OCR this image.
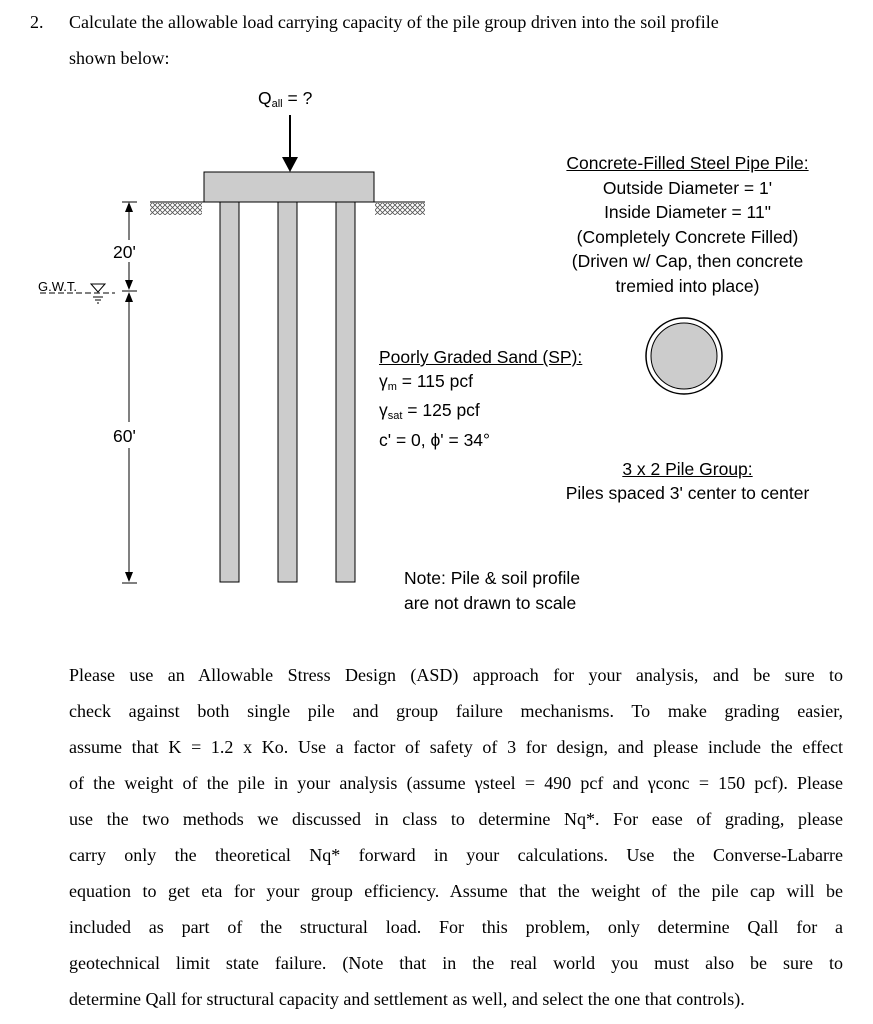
2. Calculate the allowable load carrying capacity of the pile group driven into the soil profile
shown below:
$Q_{all}$ = ?
20'
60'
G.W.T.
Concrete-Filled Steel Pipe Pile:
Outside Diameter = 1'
Inside Diameter = 11"
(Completely Concrete Filled)
(Driven w/ Cap, then concrete
tremied into place)
Poorly Graded Sand (SP):
$\gamma_m = 115$ pcf
$\gamma_{sat} = 125$ pcf
c' = 0, ϕ' = 34°
3 x 2 Pile Group:
Piles spaced 3' center to center
Note: Pile & soil profile
are not drawn to scale

Please use an Allowable Stress Design (ASD) approach for your analysis, and be sure to

check against both single pile and group failure mechanisms. To make grading easier,

assume that K = 1.2 x Ko. Use a factor of safety of 3 for design, and please include the effect

of the weight of the pile in your analysis (assume γsteel = 490 pcf and γconc = 150 pcf). Please

use the two methods we discussed in class to determine Nq*. For ease of grading, please

carry only the theoretical Nq* forward in your calculations. Use the Converse-Labarre

equation to get eta for your group efficiency. Assume that the weight of the pile cap will be

included as part of the structural load. For this problem, only determine Qall for a

geotechnical limit state failure. (Note that in the real world you must also be sure to

determine Qall for structural capacity and settlement as well, and select the one that controls).
